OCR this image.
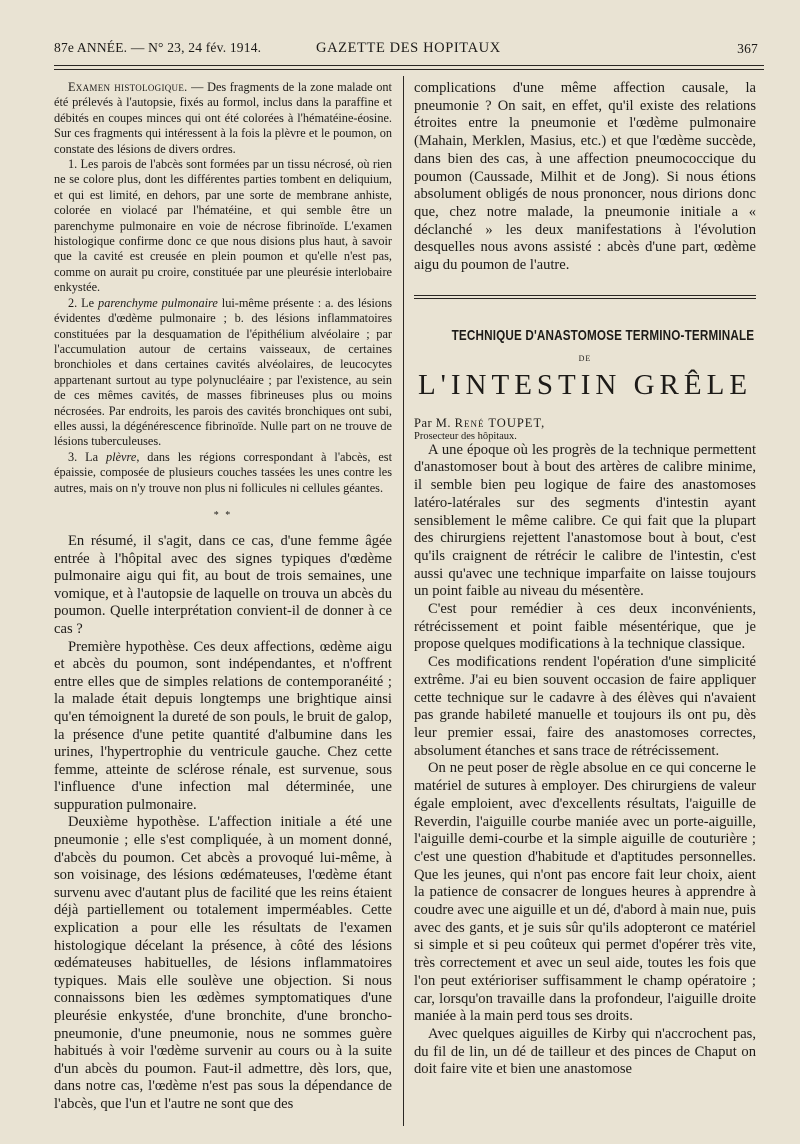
87e ANNÉE. — N° 23, 24 fév. 1914.	GAZETTE DES HOPITAUX	367

Examen histologique. — Des fragments de la zone malade ont été prélevés à l'autopsie, fixés au formol, inclus dans la paraffine et débités en coupes minces qui ont été colorées à l'hématéine-éosine. Sur ces fragments qui intéressent à la fois la plèvre et le poumon, on constate des lésions de divers ordres.

1. Les parois de l'abcès sont formées par un tissu nécrosé, où rien ne se colore plus, dont les différentes parties tombent en deliquium, et qui est limité, en dehors, par une sorte de membrane anhiste, colorée en violacé par l'hématéine, et qui semble être un parenchyme pulmonaire en voie de nécrose fibrinoïde. L'examen histologique confirme donc ce que nous disions plus haut, à savoir que la cavité est creusée en plein poumon et qu'elle n'est pas, comme on aurait pu croire, constituée par une pleurésie interlobaire enkystée.

2. Le parenchyme pulmonaire lui-même présente : a. des lésions évidentes d'œdème pulmonaire ; b. des lésions inflammatoires constituées par la desquamation de l'épithélium alvéolaire ; par l'accumulation autour de certains vaisseaux, de certaines bronchioles et dans certaines cavités alvéolaires, de leucocytes appartenant surtout au type polynucléaire ; par l'existence, au sein de ces mêmes cavités, de masses fibrineuses plus ou moins nécrosées. Par endroits, les parois des cavités bronchiques ont subi, elles aussi, la dégénérescence fibrinoïde. Nulle part on ne trouve de lésions tuberculeuses.

3. La plèvre, dans les régions correspondant à l'abcès, est épaissie, composée de plusieurs couches tassées les unes contre les autres, mais on n'y trouve non plus ni follicules ni cellules géantes.

* *

En résumé, il s'agit, dans ce cas, d'une femme âgée entrée à l'hôpital avec des signes typiques d'œdème pulmonaire aigu qui fit, au bout de trois semaines, une vomique, et à l'autopsie de laquelle on trouva un abcès du poumon. Quelle interprétation convient-il de donner à ce cas ?

Première hypothèse. Ces deux affections, œdème aigu et abcès du poumon, sont indépendantes, et n'offrent entre elles que de simples relations de contemporanéité ; la malade était depuis longtemps une brightique ainsi qu'en témoignent la dureté de son pouls, le bruit de galop, la présence d'une petite quantité d'albumine dans les urines, l'hypertrophie du ventricule gauche. Chez cette femme, atteinte de sclérose rénale, est survenue, sous l'influence d'une infection mal déterminée, une suppuration pulmonaire.

Deuxième hypothèse. L'affection initiale a été une pneumonie ; elle s'est compliquée, à un moment donné, d'abcès du poumon. Cet abcès a provoqué lui-même, à son voisinage, des lésions œdémateuses, l'œdème étant survenu avec d'autant plus de facilité que les reins étaient déjà partiellement ou totalement imperméables. Cette explication a pour elle les résultats de l'examen histologique décelant la présence, à côté des lésions œdémateuses habituelles, de lésions inflammatoires typiques. Mais elle soulève une objection. Si nous connaissons bien les œdèmes symptomatiques d'une pleurésie enkystée, d'une bronchite, d'une broncho-pneumonie, d'une pneumonie, nous ne sommes guère habitués à voir l'œdème survenir au cours ou à la suite d'un abcès du poumon. Faut-il admettre, dès lors, que, dans notre cas, l'œdème n'est pas sous la dépendance de l'abcès, que l'un et l'autre ne sont que des

complications d'une même affection causale, la pneumonie ? On sait, en effet, qu'il existe des relations étroites entre la pneumonie et l'œdème pulmonaire (Mahain, Merklen, Masius, etc.) et que l'œdème succède, dans bien des cas, à une affection pneumococcique du poumon (Caussade, Milhit et de Jong). Si nous étions absolument obligés de nous prononcer, nous dirions donc que, chez notre malade, la pneumonie initiale a « déclanché » les deux manifestations à l'évolution desquelles nous avons assisté : abcès d'une part, œdème aigu du poumon de l'autre.

TECHNIQUE D'ANASTOMOSE TERMINO-TERMINALE
DE
L'INTESTIN GRÊLE

Par M. René TOUPET,

Prosecteur des hôpitaux.

A une époque où les progrès de la technique permettent d'anastomoser bout à bout des artères de calibre minime, il semble bien peu logique de faire des anastomoses latéro-latérales sur des segments d'intestin ayant sensiblement le même calibre. Ce qui fait que la plupart des chirurgiens rejettent l'anastomose bout à bout, c'est qu'ils craignent de rétrécir le calibre de l'intestin, c'est aussi qu'avec une technique imparfaite on laisse toujours un point faible au niveau du mésentère.

C'est pour remédier à ces deux inconvénients, rétrécissement et point faible mésentérique, que je propose quelques modifications à la technique classique.

Ces modifications rendent l'opération d'une simplicité extrême. J'ai eu bien souvent occasion de faire appliquer cette technique sur le cadavre à des élèves qui n'avaient pas grande habileté manuelle et toujours ils ont pu, dès leur premier essai, faire des anastomoses correctes, absolument étanches et sans trace de rétrécissement.

On ne peut poser de règle absolue en ce qui concerne le matériel de sutures à employer. Des chirurgiens de valeur égale emploient, avec d'excellents résultats, l'aiguille de Reverdin, l'aiguille courbe maniée avec un porte-aiguille, l'aiguille demi-courbe et la simple aiguille de couturière ; c'est une question d'habitude et d'aptitudes personnelles. Que les jeunes, qui n'ont pas encore fait leur choix, aient la patience de consacrer de longues heures à apprendre à coudre avec une aiguille et un dé, d'abord à main nue, puis avec des gants, et je suis sûr qu'ils adopteront ce matériel si simple et si peu coûteux qui permet d'opérer très vite, très correctement et avec un seul aide, toutes les fois que l'on peut extérioriser suffisamment le champ opératoire ; car, lorsqu'on travaille dans la profondeur, l'aiguille droite maniée à la main perd tous ses droits.

Avec quelques aiguilles de Kirby qui n'accrochent pas, du fil de lin, un dé de tailleur et des pinces de Chaput on doit faire vite et bien une anastomose
